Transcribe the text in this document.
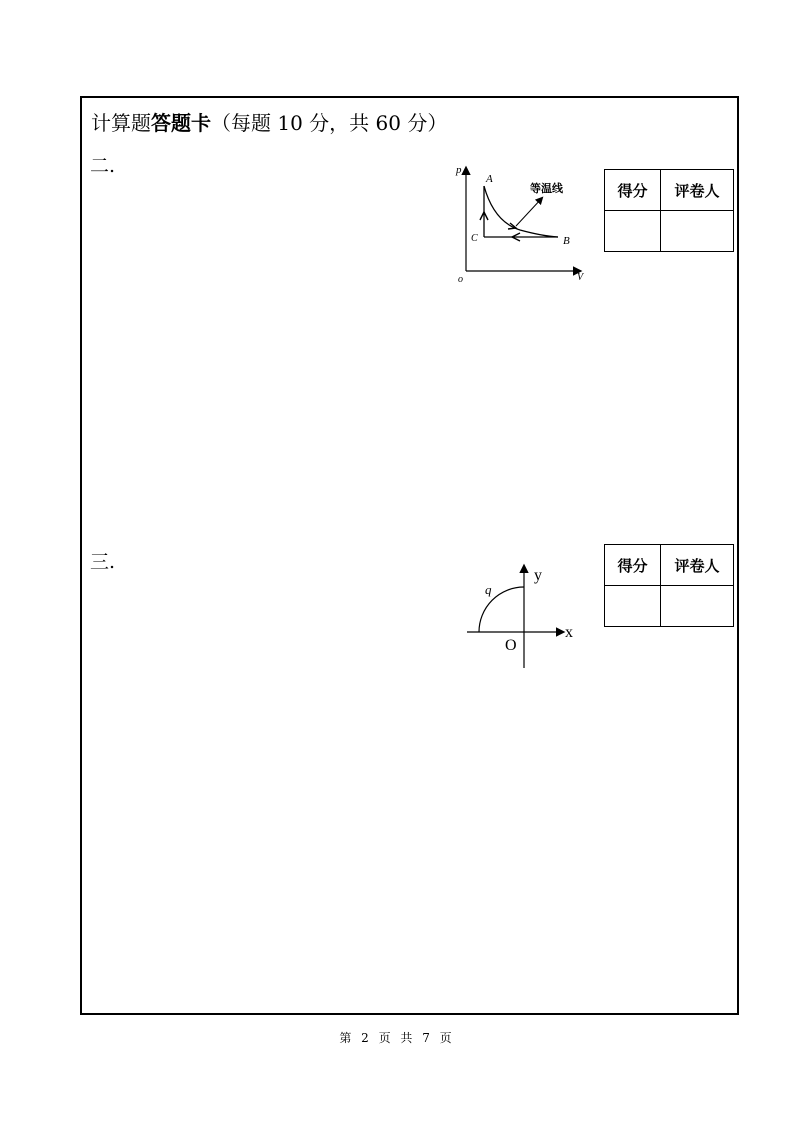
计算题答题卡（每题 10 分，共 60 分）
二.	p
V
o
A
B
C
等温线	得分	评卷人

三.
y
x
O
q
得分	评卷人

第 2 页 共 7 页
